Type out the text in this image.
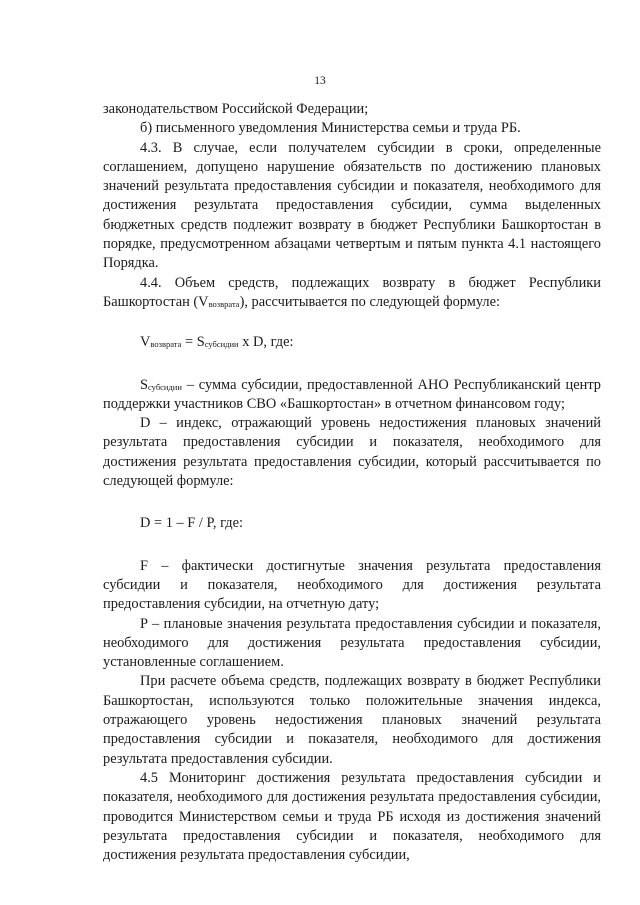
13

законодательством Российской Федерации;

б) письменного уведомления Министерства семьи и труда РБ.

4.3. В случае, если получателем субсидии в сроки, определенные соглашением, допущено нарушение обязательств по достижению плановых значений результата предоставления субсидии и показателя, необходимого для достижения результата предоставления субсидии, сумма выделенных бюджетных средств подлежит возврату в бюджет Республики Башкортостан в порядке, предусмотренном абзацами четвертым и пятым пункта 4.1 настоящего Порядка.

4.4. Объем средств, подлежащих возврату в бюджет Республики Башкортостан $(V_{возврата})$, рассчитывается по следующей формуле:

$V_{возврата} = S_{субсидии}$ x D, где:

$S_{субсидии}$ – сумма субсидии, предоставленной АНО Республиканский центр поддержки участников СВО «Башкортостан» в отчетном финансовом году;

D – индекс, отражающий уровень недостижения плановых значений результата предоставления субсидии и показателя, необходимого для достижения результата предоставления субсидии, который рассчитывается по следующей формуле:

D = 1 – F / P, где:

F – фактически достигнутые значения результата предоставления субсидии и показателя, необходимого для достижения результата предоставления субсидии, на отчетную дату;

P – плановые значения результата предоставления субсидии и показателя, необходимого для достижения результата предоставления субсидии, установленные соглашением.

При расчете объема средств, подлежащих возврату в бюджет Республики Башкортостан, используются только положительные значения индекса, отражающего уровень недостижения плановых значений результата предоставления субсидии и показателя, необходимого для достижения результата предоставления субсидии.

4.5 Мониторинг достижения результата предоставления субсидии и показателя, необходимого для достижения результата предоставления субсидии, проводится Министерством семьи и труда РБ исходя из достижения значений результата предоставления субсидии и показателя, необходимого для достижения результата предоставления субсидии,
